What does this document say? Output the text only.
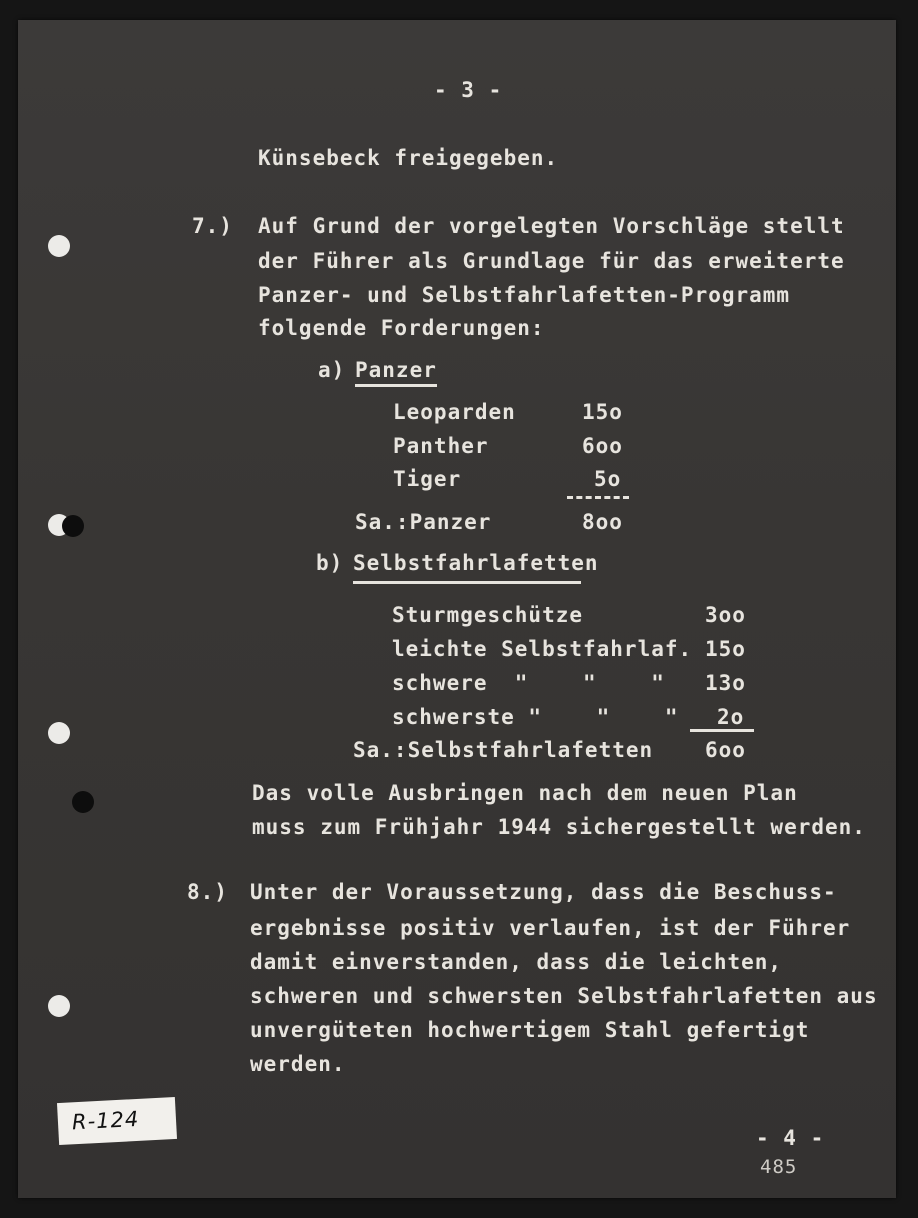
- 3 -
Künsebeck freigegeben.
7.) Auf Grund der vorgelegten Vorschläge stellt
der Führer als Grundlage für das erweiterte
Panzer- und Selbstfahrlafetten-Programm
folgende Forderungen:
a) Panzer
Leoparden	15o
Panther	6oo
Tiger	5o
Sa.:Panzer	8oo
b) Selbstfahrlafetten
Sturmgeschütze	3oo
leichte Selbstfahrlaf. 15o
schwere  "    "    " 13o
schwerste "    "    " 2o
Sa.:Selbstfahrlafetten 6oo
Das volle Ausbringen nach dem neuen Plan
muss zum Frühjahr 1944 sichergestellt werden.
8.) Unter der Voraussetzung, dass die Beschuss-
ergebnisse positiv verlaufen, ist der Führer
damit einverstanden, dass die leichten,
schweren und schwersten Selbstfahrlafetten aus
unvergüteten hochwertigem Stahl gefertigt
werden.
R-124
- 4 -
485
